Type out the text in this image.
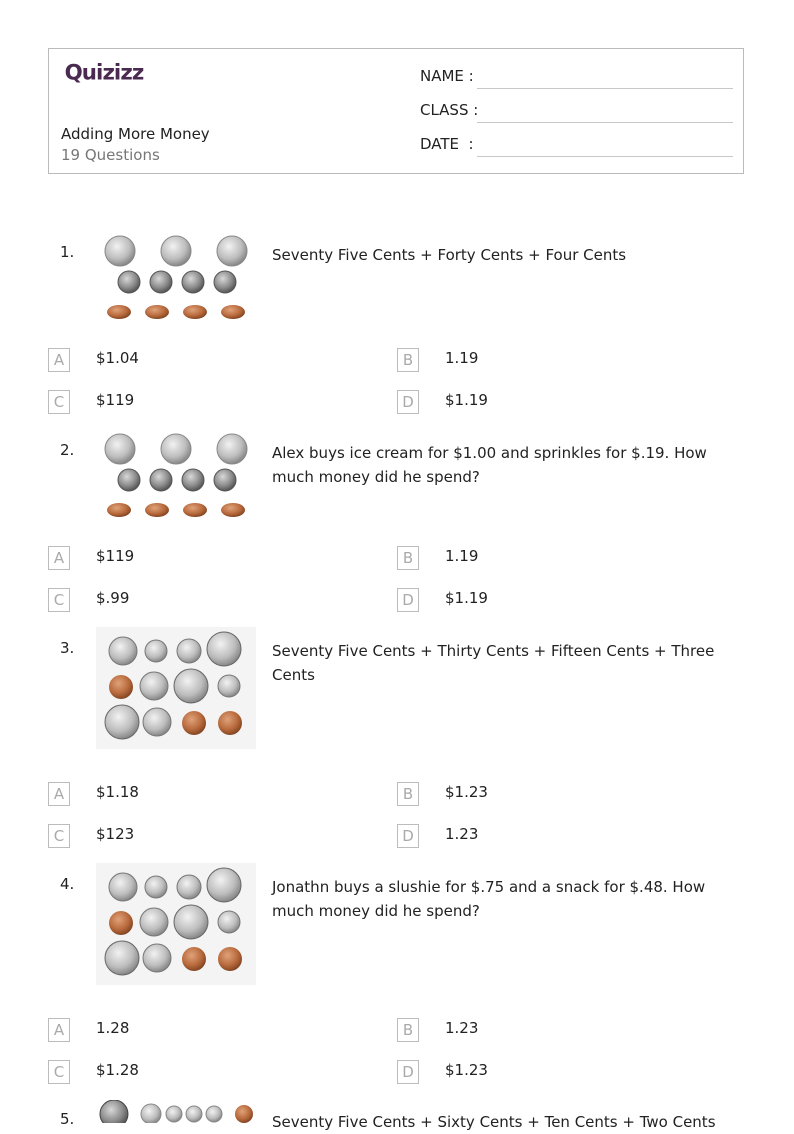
Quizizz
Adding More Money
19 Questions
NAME :
CLASS :
DATE  :
1.	Seventy Five Cents + Forty Cents + Four Cents
A	$1.04	B	1.19
C	$119	D	$1.19
2.	Alex buys ice cream for $1.00 and sprinkles for $.19. How much money did he spend?
A	$119	B	1.19
C	$.99	D	$1.19
3.	Seventy Five Cents + Thirty Cents + Fifteen Cents + Three Cents
A	$1.18	B	$1.23
C	$123	D	1.23
4.	Jonathn buys a slushie for $.75 and a snack for $.48. How much money did he spend?
A	1.28	B	1.23
C	$1.28	D	$1.23
5.	Seventy Five Cents + Sixty Cents + Ten Cents + Two Cents
